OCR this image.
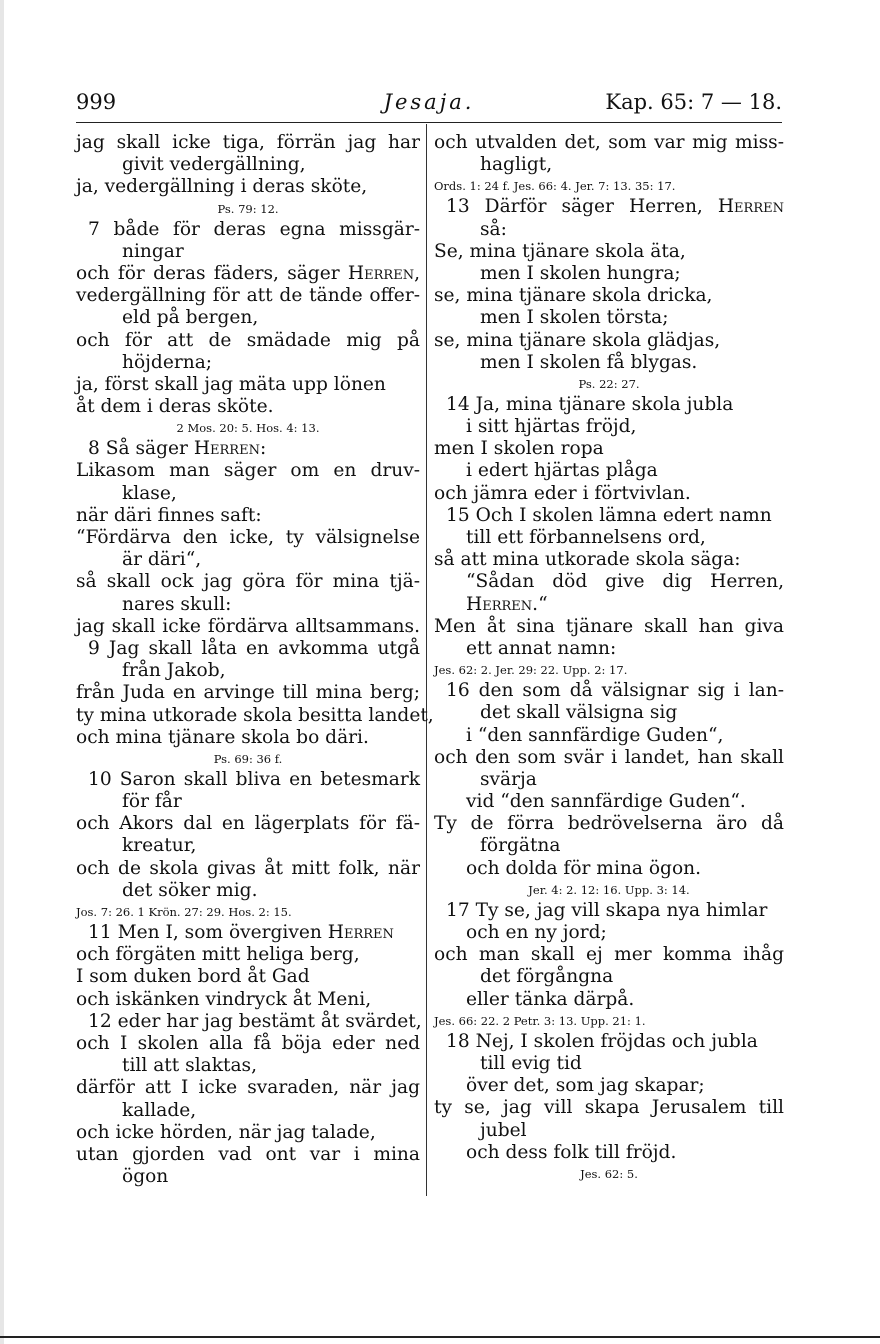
999	Jesaja.	Kap. 65: 7 — 18.
jag skall icke tiga, förrän jag har
givit vedergällning,
ja, vedergällning i deras sköte,
Ps. 79: 12.
7 både för deras egna missgär-
ningar
och för deras fäders, säger Herren,
vedergällning för att de tände offer-
eld på bergen,
och för att de smädade mig på
höjderna;
ja, först skall jag mäta upp lönen
åt dem i deras sköte.
2 Mos. 20: 5. Hos. 4: 13.
8 Så säger Herren:
Likasom man säger om en druv-
klase,
när däri finnes saft:
“Fördärva den icke, ty välsignelse
är däri“,
så skall ock jag göra för mina tjä-
nares skull:
jag skall icke fördärva alltsammans.
9 Jag skall låta en avkomma utgå
från Jakob,
från Juda en arvinge till mina berg;
ty mina utkorade skola besitta landet,
och mina tjänare skola bo däri.
Ps. 69: 36 f.
10 Saron skall bliva en betesmark
för får
och Akors dal en lägerplats för fä-
kreatur,
och de skola givas åt mitt folk, när
det söker mig.
Jos. 7: 26. 1 Krön. 27: 29. Hos. 2: 15.
11 Men I, som övergiven Herren
och förgäten mitt heliga berg,
I som duken bord åt Gad
och iskänken vindryck åt Meni,
12 eder har jag bestämt åt svärdet,
och I skolen alla få böja eder ned
till att slaktas,
därför att I icke svaraden, när jag
kallade,
och icke hörden, när jag talade,
utan gjorden vad ont var i mina
ögon
och utvalden det, som var mig miss-
hagligt,
Ords. 1: 24 f. Jes. 66: 4. Jer. 7: 13. 35: 17.
13 Därför säger Herren, Herren
så:
Se, mina tjänare skola äta,
men I skolen hungra;
se, mina tjänare skola dricka,
men I skolen törsta;
se, mina tjänare skola glädjas,
men I skolen få blygas.
Ps. 22: 27.
14 Ja, mina tjänare skola jubla
i sitt hjärtas fröjd,
men I skolen ropa
i edert hjärtas plåga
och jämra eder i förtvivlan.
15 Och I skolen lämna edert namn
till ett förbannelsens ord,
så att mina utkorade skola säga:
“Sådan död give dig Herren,
Herren.“
Men åt sina tjänare skall han giva
ett annat namn:
Jes. 62: 2. Jer. 29: 22. Upp. 2: 17.
16 den som då välsignar sig i lan-
det skall välsigna sig
i “den sannfärdige Guden“,
och den som svär i landet, han skall
svärja
vid “den sannfärdige Guden“.
Ty de förra bedrövelserna äro då
förgätna
och dolda för mina ögon.
Jer. 4: 2. 12: 16. Upp. 3: 14.
17 Ty se, jag vill skapa nya himlar
och en ny jord;
och man skall ej mer komma ihåg
det förgångna
eller tänka därpå.
Jes. 66: 22. 2 Petr. 3: 13. Upp. 21: 1.
18 Nej, I skolen fröjdas och jubla
till evig tid
över det, som jag skapar;
ty se, jag vill skapa Jerusalem till
jubel
och dess folk till fröjd.
Jes. 62: 5.
